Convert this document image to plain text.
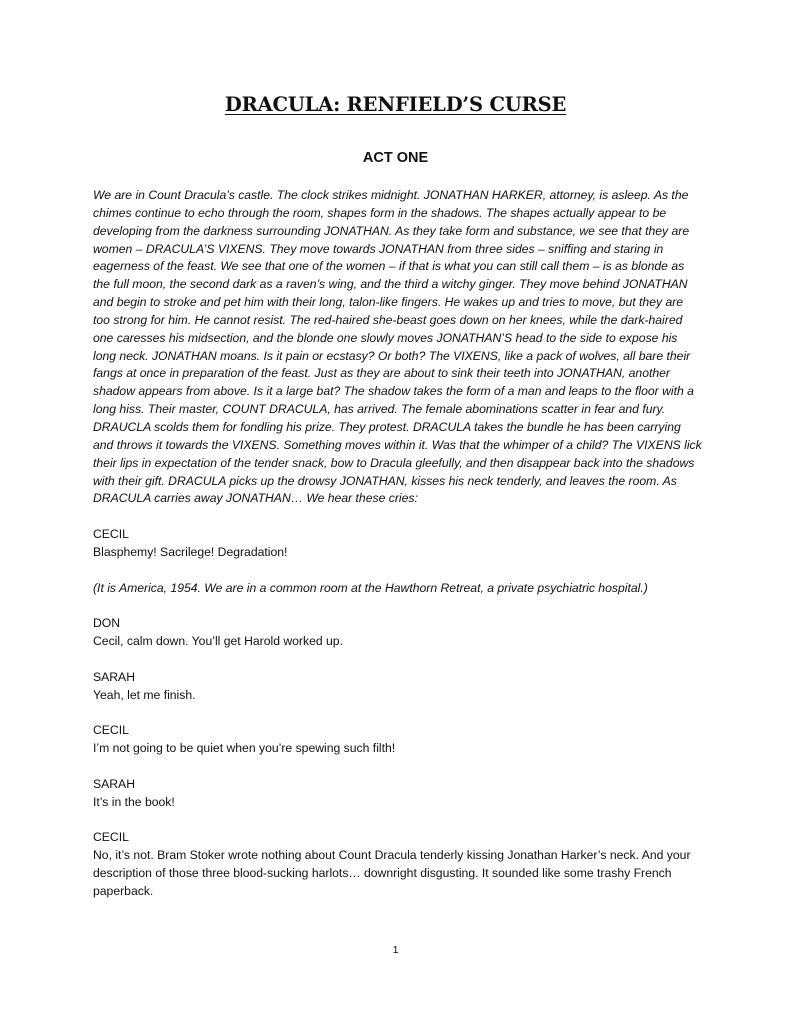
DRACULA: RENFIELD’S CURSE
ACT ONE

We are in Count Dracula’s castle. The clock strikes midnight. JONATHAN HARKER, attorney, is asleep. As the chimes continue to echo through the room, shapes form in the shadows. The shapes actually appear to be developing from the darkness surrounding JONATHAN. As they take form and substance, we see that they are women – DRACULA’S VIXENS. They move towards JONATHAN from three sides – sniffing and staring in eagerness of the feast. We see that one of the women – if that is what you can still call them – is as blonde as the full moon, the second dark as a raven’s wing, and the third a witchy ginger. They move behind JONATHAN and begin to stroke and pet him with their long, talon-like fingers. He wakes up and tries to move, but they are too strong for him. He cannot resist. The red-haired she-beast goes down on her knees, while the dark-haired one caresses his midsection, and the blonde one slowly moves JONATHAN’S head to the side to expose his long neck. JONATHAN moans. Is it pain or ecstasy? Or both? The VIXENS, like a pack of wolves, all bare their fangs at once in preparation of the feast. Just as they are about to sink their teeth into JONATHAN, another shadow appears from above. Is it a large bat? The shadow takes the form of a man and leaps to the floor with a long hiss. Their master, COUNT DRACULA, has arrived. The female abominations scatter in fear and fury. DRAUCLA scolds them for fondling his prize. They protest. DRACULA takes the bundle he has been carrying and throws it towards the VIXENS. Something moves within it. Was that the whimper of a child? The VIXENS lick their lips in expectation of the tender snack, bow to Dracula gleefully, and then disappear back into the shadows with their gift. DRACULA picks up the drowsy JONATHAN, kisses his neck tenderly, and leaves the room. As DRACULA carries away JONATHAN… We hear these cries:

CECIL

Blasphemy! Sacrilege! Degradation!

(It is America, 1954. We are in a common room at the Hawthorn Retreat, a private psychiatric hospital.)

DON

Cecil, calm down. You’ll get Harold worked up.

SARAH

Yeah, let me finish.

CECIL

I’m not going to be quiet when you’re spewing such filth!

SARAH

It’s in the book!

CECIL

No, it’s not. Bram Stoker wrote nothing about Count Dracula tenderly kissing Jonathan Harker’s neck. And your description of those three blood-sucking harlots… downright disgusting. It sounded like some trashy French paperback.

1
